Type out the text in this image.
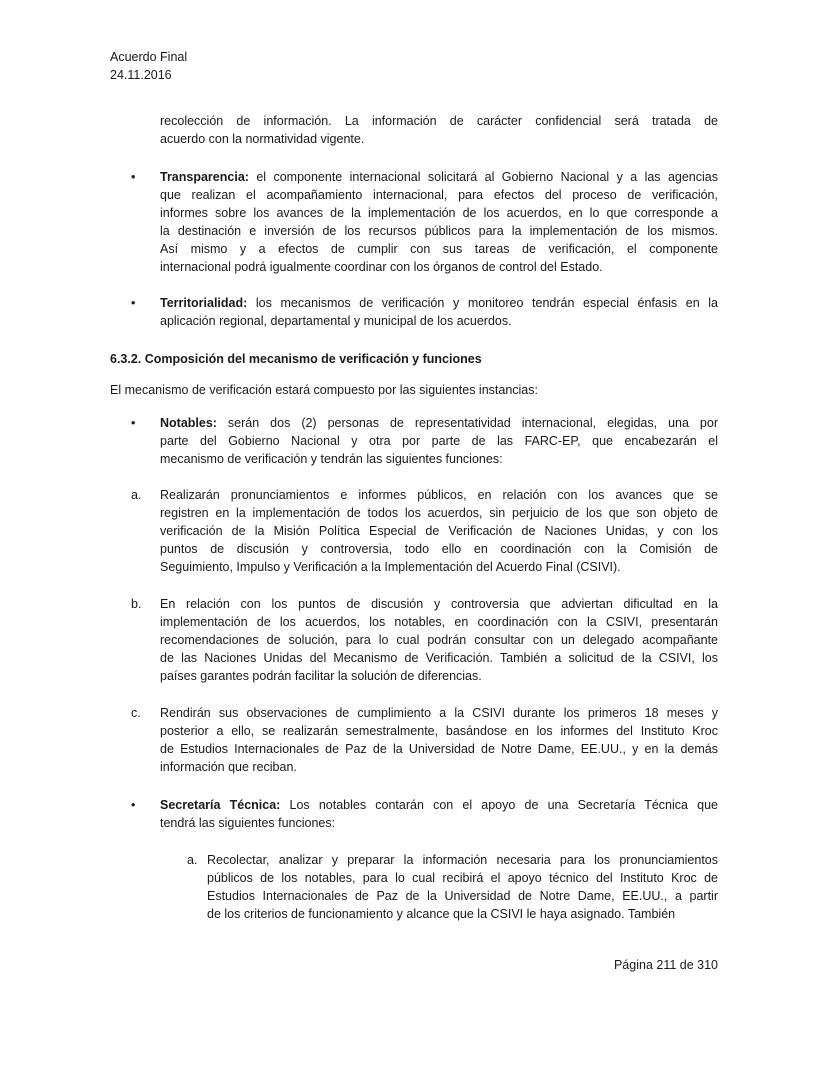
Acuerdo Final
24.11.2016
recolección de información. La información de carácter confidencial será tratada de
acuerdo con la normatividad vigente.
• Transparencia: el componente internacional solicitará al Gobierno Nacional y a las agencias
que realizan el acompañamiento internacional, para efectos del proceso de verificación,
informes sobre los avances de la implementación de los acuerdos, en lo que corresponde a
la destinación e inversión de los recursos públicos para la implementación de los mismos.
Así mismo y a efectos de cumplir con sus tareas de verificación, el componente
internacional podrá igualmente coordinar con los órganos de control del Estado.
• Territorialidad: los mecanismos de verificación y monitoreo tendrán especial énfasis en la
aplicación regional, departamental y municipal de los acuerdos.
6.3.2. Composición del mecanismo de verificación y funciones
El mecanismo de verificación estará compuesto por las siguientes instancias:
• Notables: serán dos (2) personas de representatividad internacional, elegidas, una por
parte del Gobierno Nacional y otra por parte de las FARC-EP, que encabezarán el
mecanismo de verificación y tendrán las siguientes funciones:
a. Realizarán pronunciamientos e informes públicos, en relación con los avances que se
registren en la implementación de todos los acuerdos, sin perjuicio de los que son objeto de
verificación de la Misión Política Especial de Verificación de Naciones Unidas, y con los
puntos de discusión y controversia, todo ello en coordinación con la Comisión de
Seguimiento, Impulso y Verificación a la Implementación del Acuerdo Final (CSIVI).
b. En relación con los puntos de discusión y controversia que adviertan dificultad en la
implementación de los acuerdos, los notables, en coordinación con la CSIVI, presentarán
recomendaciones de solución, para lo cual podrán consultar con un delegado acompañante
de las Naciones Unidas del Mecanismo de Verificación. También a solicitud de la CSIVI, los
países garantes podrán facilitar la solución de diferencias.
c. Rendirán sus observaciones de cumplimiento a la CSIVI durante los primeros 18 meses y
posterior a ello, se realizarán semestralmente, basándose en los informes del Instituto Kroc
de Estudios Internacionales de Paz de la Universidad de Notre Dame, EE.UU., y en la demás
información que reciban.
• Secretaría Técnica: Los notables contarán con el apoyo de una Secretaría Técnica que
tendrá las siguientes funciones:
a. Recolectar, analizar y preparar la información necesaria para los pronunciamientos
públicos de los notables, para lo cual recibirá el apoyo técnico del Instituto Kroc de
Estudios Internacionales de Paz de la Universidad de Notre Dame, EE.UU., a partir
de los criterios de funcionamiento y alcance que la CSIVI le haya asignado. También
Página 211 de 310
